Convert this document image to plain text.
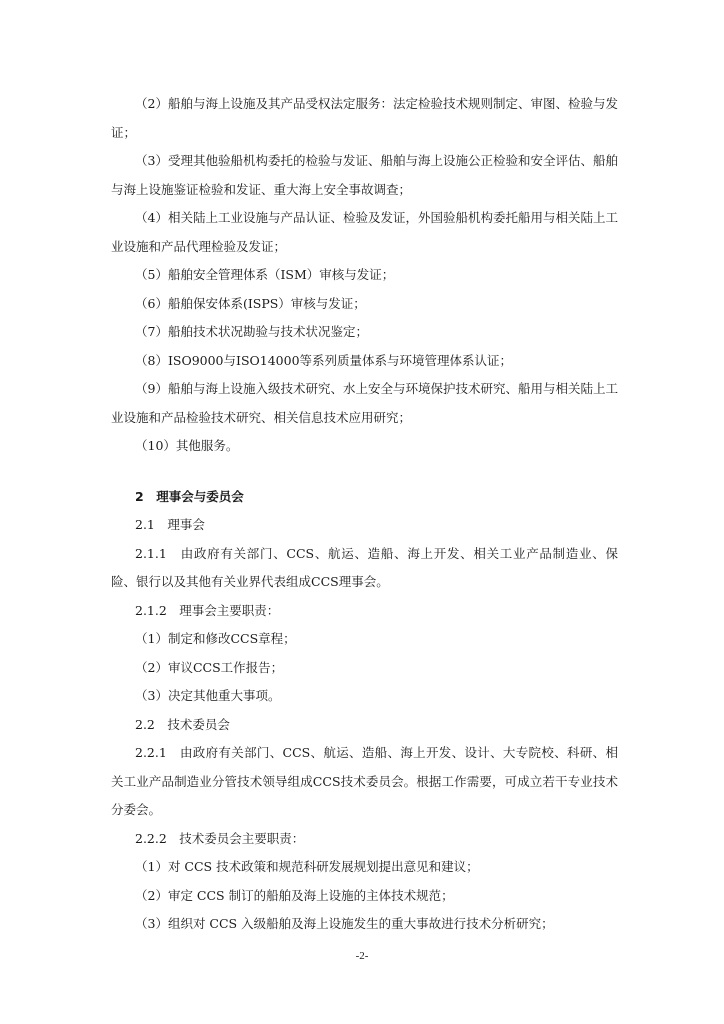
（2）船舶与海上设施及其产品受权法定服务：法定检验技术规则制定、审图、检验与发证；

（3）受理其他验船机构委托的检验与发证、船舶与海上设施公正检验和安全评估、船舶与海上设施鉴证检验和发证、重大海上安全事故调查；

（4）相关陆上工业设施与产品认证、检验及发证，外国验船机构委托船用与相关陆上工业设施和产品代理检验及发证；

（5）船舶安全管理体系（ISM）审核与发证；

（6）船舶保安体系(ISPS）审核与发证；

（7）船舶技术状况勘验与技术状况鉴定；

（8）ISO9000与ISO14000等系列质量体系与环境管理体系认证；

（9）船舶与海上设施入级技术研究、水上安全与环境保护技术研究、船用与相关陆上工业设施和产品检验技术研究、相关信息技术应用研究；

（10）其他服务。

2　理事会与委员会

2.1　理事会

2.1.1　由政府有关部门、CCS、航运、造船、海上开发、相关工业产品制造业、保险、银行以及其他有关业界代表组成CCS理事会。

2.1.2　理事会主要职责：

（1）制定和修改CCS章程；

（2）审议CCS工作报告；

（3）决定其他重大事项。

2.2　技术委员会

2.2.1　由政府有关部门、CCS、航运、造船、海上开发、设计、大专院校、科研、相关工业产品制造业分管技术领导组成CCS技术委员会。根据工作需要，可成立若干专业技术分委会。

2.2.2　技术委员会主要职责：

（1）对 CCS 技术政策和规范科研发展规划提出意见和建议；

（2）审定 CCS 制订的船舶及海上设施的主体技术规范；

（3）组织对 CCS 入级船舶及海上设施发生的重大事故进行技术分析研究；

-2-
